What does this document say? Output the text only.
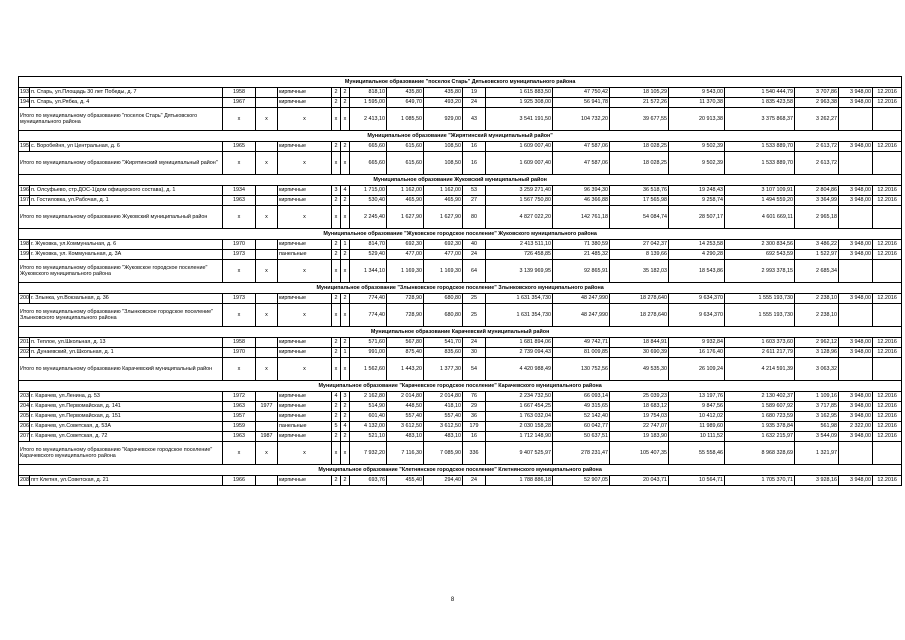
Муниципальное образование "поселок Старь" Дятьковского муниципального района																		
193	п. Старь, ул.Площадь 30 лет Победы, д. 7	1958		кирпичные	2	2	818,10	435,80	435,80	19	1 615 883,50	47 750,42	18 105,29	9 543,00	1 540 444,79	3 707,86	3 948,00	12.2016
194	п. Старь, ул.Рябка, д. 4	1967		кирпичные	2	2	1 595,00	649,70	493,20	24	1 925 308,00	56 941,78	21 572,26	11 370,38	1 835 423,58	2 963,38	3 948,00	12.2016
Итого по муниципальному образованию "поселок Старь" Дятьковского муниципального района		x	x	x	x	x	2 413,10	1 085,50	929,00	43	3 541 191,50	104 732,20	39 677,55	20 913,38	3 375 868,37	3 262,27		
Муниципальное образование "Жирятинский муниципальный район"																		
195	с. Воробейня, ул Центральная, д. 6	1965		кирпичные	2	2	665,60	615,60	108,50	16	1 609 007,40	47 587,06	18 028,25	9 502,39	1 533 889,70	2 613,72	3 948,00	12.2016
Итого по муниципальному образованию "Жирятинский муниципальный район"		x	x	x	x	x	665,60	615,60	108,50	16	1 609 007,40	47 587,06	18 028,25	9 502,39	1 533 889,70	2 613,72		
Муниципальное образование Жуковский муниципальный район																		
196	п. Олсуфьево, стр.ДОС-1(дом офицерского состава), д. 1	1934		кирпичные	3	4	1 715,00	1 162,00	1 162,00	53	3 259 271,40	96 394,30	36 518,76	19 248,43	3 107 109,91	2 804,86	3 948,00	12.2016
197	п. Гостиловка, ул.Рабочая, д. 1	1963		кирпичные	2	2	530,40	465,90	465,90	27	1 567 750,80	46 366,88	17 565,98	9 258,74	1 494 559,20	3 364,99	3 948,00	12.2016
Итого по муниципальному образованию Жуковский муниципальный район		x	x	x	x	x	2 245,40	1 627,90	1 627,90	80	4 827 022,20	142 761,18	54 084,74	28 507,17	4 601 669,11	2 965,18		
Муниципальное образование "Жуковское городское поселение" Жуковского муниципального района																		
198	г. Жуковка, ул.Коммунальная, д. 6	1970		кирпичные	2	1	814,70	692,30	692,30	40	2 413 511,10	71 380,59	27 042,37	14 253,58	2 300 834,56	3 486,22	3 948,00	12.2016
199	г. Жуковка, ул. Коммунальная, д. 3А	1973		панельные	2	2	529,40	477,00	477,00	24	726 458,85	21 485,32	8 139,66	4 290,28	692 543,59	1 522,97	3 948,00	12.2016
Итого по муниципальному образованию "Жуковское городское поселение" Жуковского муниципального района		x	x	x	x	x	1 344,10	1 169,30	1 169,30	64	3 139 969,95	92 865,91	35 182,03	18 543,86	2 993 378,15	2 685,34		
Муниципальное образование "Злынковское городское поселение" Злынковского муниципального района																		
200	г. Злынка, ул.Вокзальная, д. 36	1973		кирпичные	2	2	774,40	728,90	680,80	25	1 631 354,730	48 247,990	18 278,640	9 634,370	1 555 193,730	2 238,10	3 948,00	12.2016
Итого по муниципальному образованию "Злынковское городское поселение" Злынковского муниципального района		x	x	x	x	x	774,40	728,90	680,80	25	1 631 354,730	48 247,990	18 278,640	9 634,370	1 555 193,730	2 238,10		
Муниципальное образование Карачевский муниципальный район																		
201	п. Теплое, ул.Школьная, д. 13	1958		кирпичные	2	2	571,60	567,80	541,70	24	1 681 894,06	49 742,71	18 844,91	9 932,84	1 603 373,60	2 962,12	3 948,00	12.2016
202	п. Дунаевский, ул.Школьная, д. 1	1970		кирпичные	2	1	991,00	875,40	835,60	30	2 739 094,43	81 009,85	30 690,39	16 176,40	2 611 217,79	3 128,96	3 948,00	12.2016
Итого по муниципальному образованию Карачевский муниципальный район		x	x	x	x	x	1 562,60	1 443,20	1 377,30	54	4 420 988,49	130 752,56	49 535,30	26 109,24	4 214 591,39	3 063,32		
Муниципальное образование "Карачевское городское поселение" Карачевского муниципального района																		
203	г. Карачев, ул.Ленина, д. 53	1972		кирпичные	4	3	2 162,80	2 014,80	2 014,80	76	2 234 732,50	66 093,14	25 039,23	13 197,76	2 130 402,37	1 109,16	3 948,00	12.2016
204	г. Карачев, ул.Первомайская, д. 141	1963	1977	кирпичные	2	2	514,90	448,50	418,10	29	1 667 454,25	49 315,65	18 683,12	9 847,56	1 589 607,92	3 717,85	3 948,00	12.2016
205	г. Карачев, ул.Первомайская, д. 151	1957		кирпичные	2	2	601,40	557,40	557,40	36	1 763 032,04	52 142,40	19 754,03	10 412,02	1 680 723,59	3 162,95	3 948,00	12.2016
206	г. Карачев, ул.Советская, д. 53А	1959		панельные	5	4	4 132,00	3 612,50	3 612,50	179	2 030 158,28	60 042,77	22 747,07	11 989,60	1 935 378,84	561,98	2 322,00	12.2016
207	г. Карачев, ул.Советская, д. 72	1963	1987	кирпичные	2	2	521,10	483,10	483,10	16	1 712 148,90	50 637,51	19 183,90	10 111,52	1 632 215,97	3 544,09	3 948,00	12.2016
Итого по муниципальному образованию "Карачевское городское поселение" Карачевского муниципального района		x	x	x	x	x	7 932,20	7 116,30	7 085,90	336	9 407 525,97	278 231,47	105 407,35	55 558,46	8 968 328,69	1 321,97		
Муниципальное образование "Клетнянское городское поселение" Клетнянского муниципального района																		
208	пгт Клетня, ул.Советская, д. 21	1966		кирпичные	2	2	693,76	455,40	294,40	24	1 788 886,18	52 907,05	20 043,71	10 564,71	1 705 370,71	3 928,16	3 948,00	12.2016
8
